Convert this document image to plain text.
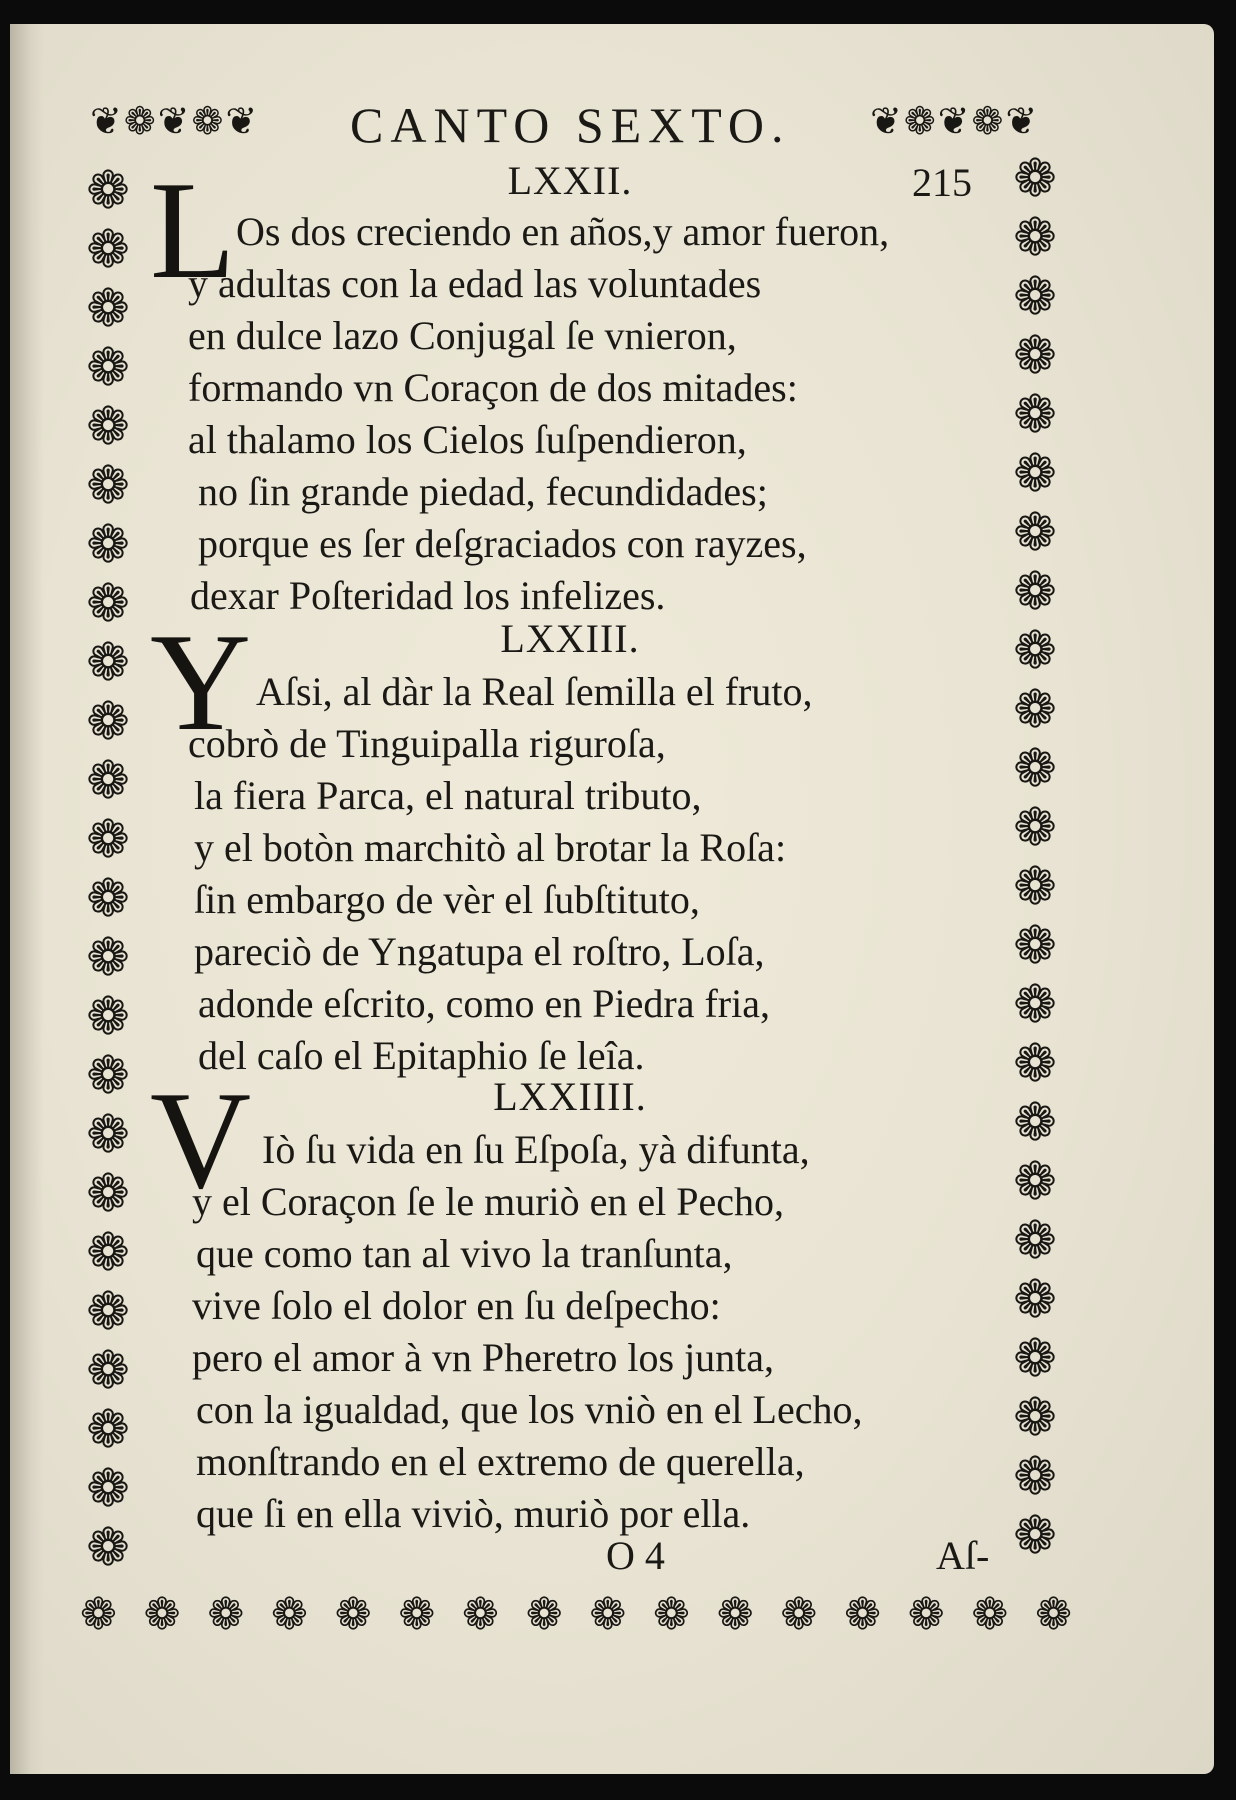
❦❁❦❁❦	❦❁❦❁❦
❁
❁
❁
❁
❁
❁
❁
❁
❁
❁
❁
❁
❁
❁
❁
❁
❁
❁
❁
❁
❁
❁
❁
❁
❁
❁
❁
❁
❁
❁
❁
❁
❁
❁
❁
❁
❁
❁
❁
❁
❁
❁
❁
❁
❁
❁
❁
❁
❁ ❁ ❁ ❁ ❁ ❁ ❁ ❁ ❁ ❁ ❁ ❁ ❁ ❁ ❁ ❁
CANTO SEXTO.
215
LXXII.
L Os dos creciendo en años,y amor fueron,
y adultas con la edad las voluntades
en dulce lazo Conjugal ſe vnieron,
formando vn Coraçon de dos mitades:
al thalamo los Cielos ſuſpendieron,
no ſin grande piedad, fecundidades;
porque es ſer deſgraciados con rayzes,
dexar Poſteridad los infelizes.
LXXIII.
Y Aſsi, al dàr la Real ſemilla el fruto,
cobrò de Tinguipalla riguroſa,
la fiera Parca, el natural tributo,
y el botòn marchitò al brotar la Roſa:
ſin embargo de vèr el ſubſtituto,
pareciò de Yngatupa el roſtro, Loſa,
adonde eſcrito, como en Piedra fria,
del caſo el Epitaphio ſe leîa.
LXXIIII.
V Iò ſu vida en ſu Eſpoſa, yà difunta,
y el Coraçon ſe le muriò en el Pecho,
que como tan al vivo la tranſunta,
vive ſolo el dolor en ſu deſpecho:
pero el amor à vn Pheretro los junta,
con la igualdad, que los vniò en el Lecho,
monſtrando en el extremo de querella,
que ſi en ella viviò, muriò por ella.
O 4	Aſ-
